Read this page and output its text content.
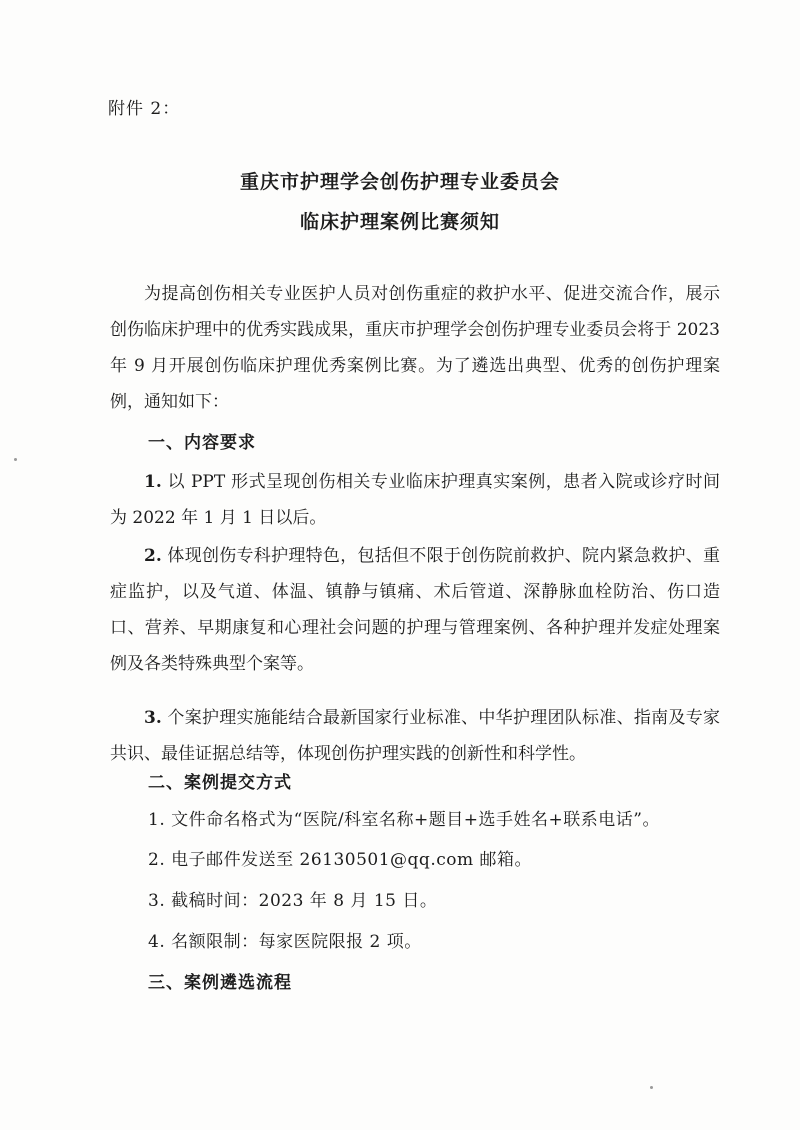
附件 2：
重庆市护理学会创伤护理专业委员会
临床护理案例比赛须知

为提高创伤相关专业医护人员对创伤重症的救护水平、促进交流合作，展示创伤临床护理中的优秀实践成果，重庆市护理学会创伤护理专业委员会将于 2023 年 9 月开展创伤临床护理优秀案例比赛。为了遴选出典型、优秀的创伤护理案例，通知如下：

一、内容要求

1. 以 PPT 形式呈现创伤相关专业临床护理真实案例，患者入院或诊疗时间为 2022 年 1 月 1 日以后。

2. 体现创伤专科护理特色，包括但不限于创伤院前救护、院内紧急救护、重症监护，以及气道、体温、镇静与镇痛、术后管道、深静脉血栓防治、伤口造口、营养、早期康复和心理社会问题的护理与管理案例、各种护理并发症处理案例及各类特殊典型个案等。

3. 个案护理实施能结合最新国家行业标准、中华护理团队标准、指南及专家共识、最佳证据总结等，体现创伤护理实践的创新性和科学性。

二、案例提交方式
1. 文件命名格式为“医院/科室名称+题目+选手姓名+联系电话”。
2. 电子邮件发送至 26130501@qq.com 邮箱。
3. 截稿时间：2023 年 8 月 15 日。
4. 名额限制：每家医院限报 2 项。
三、案例遴选流程
